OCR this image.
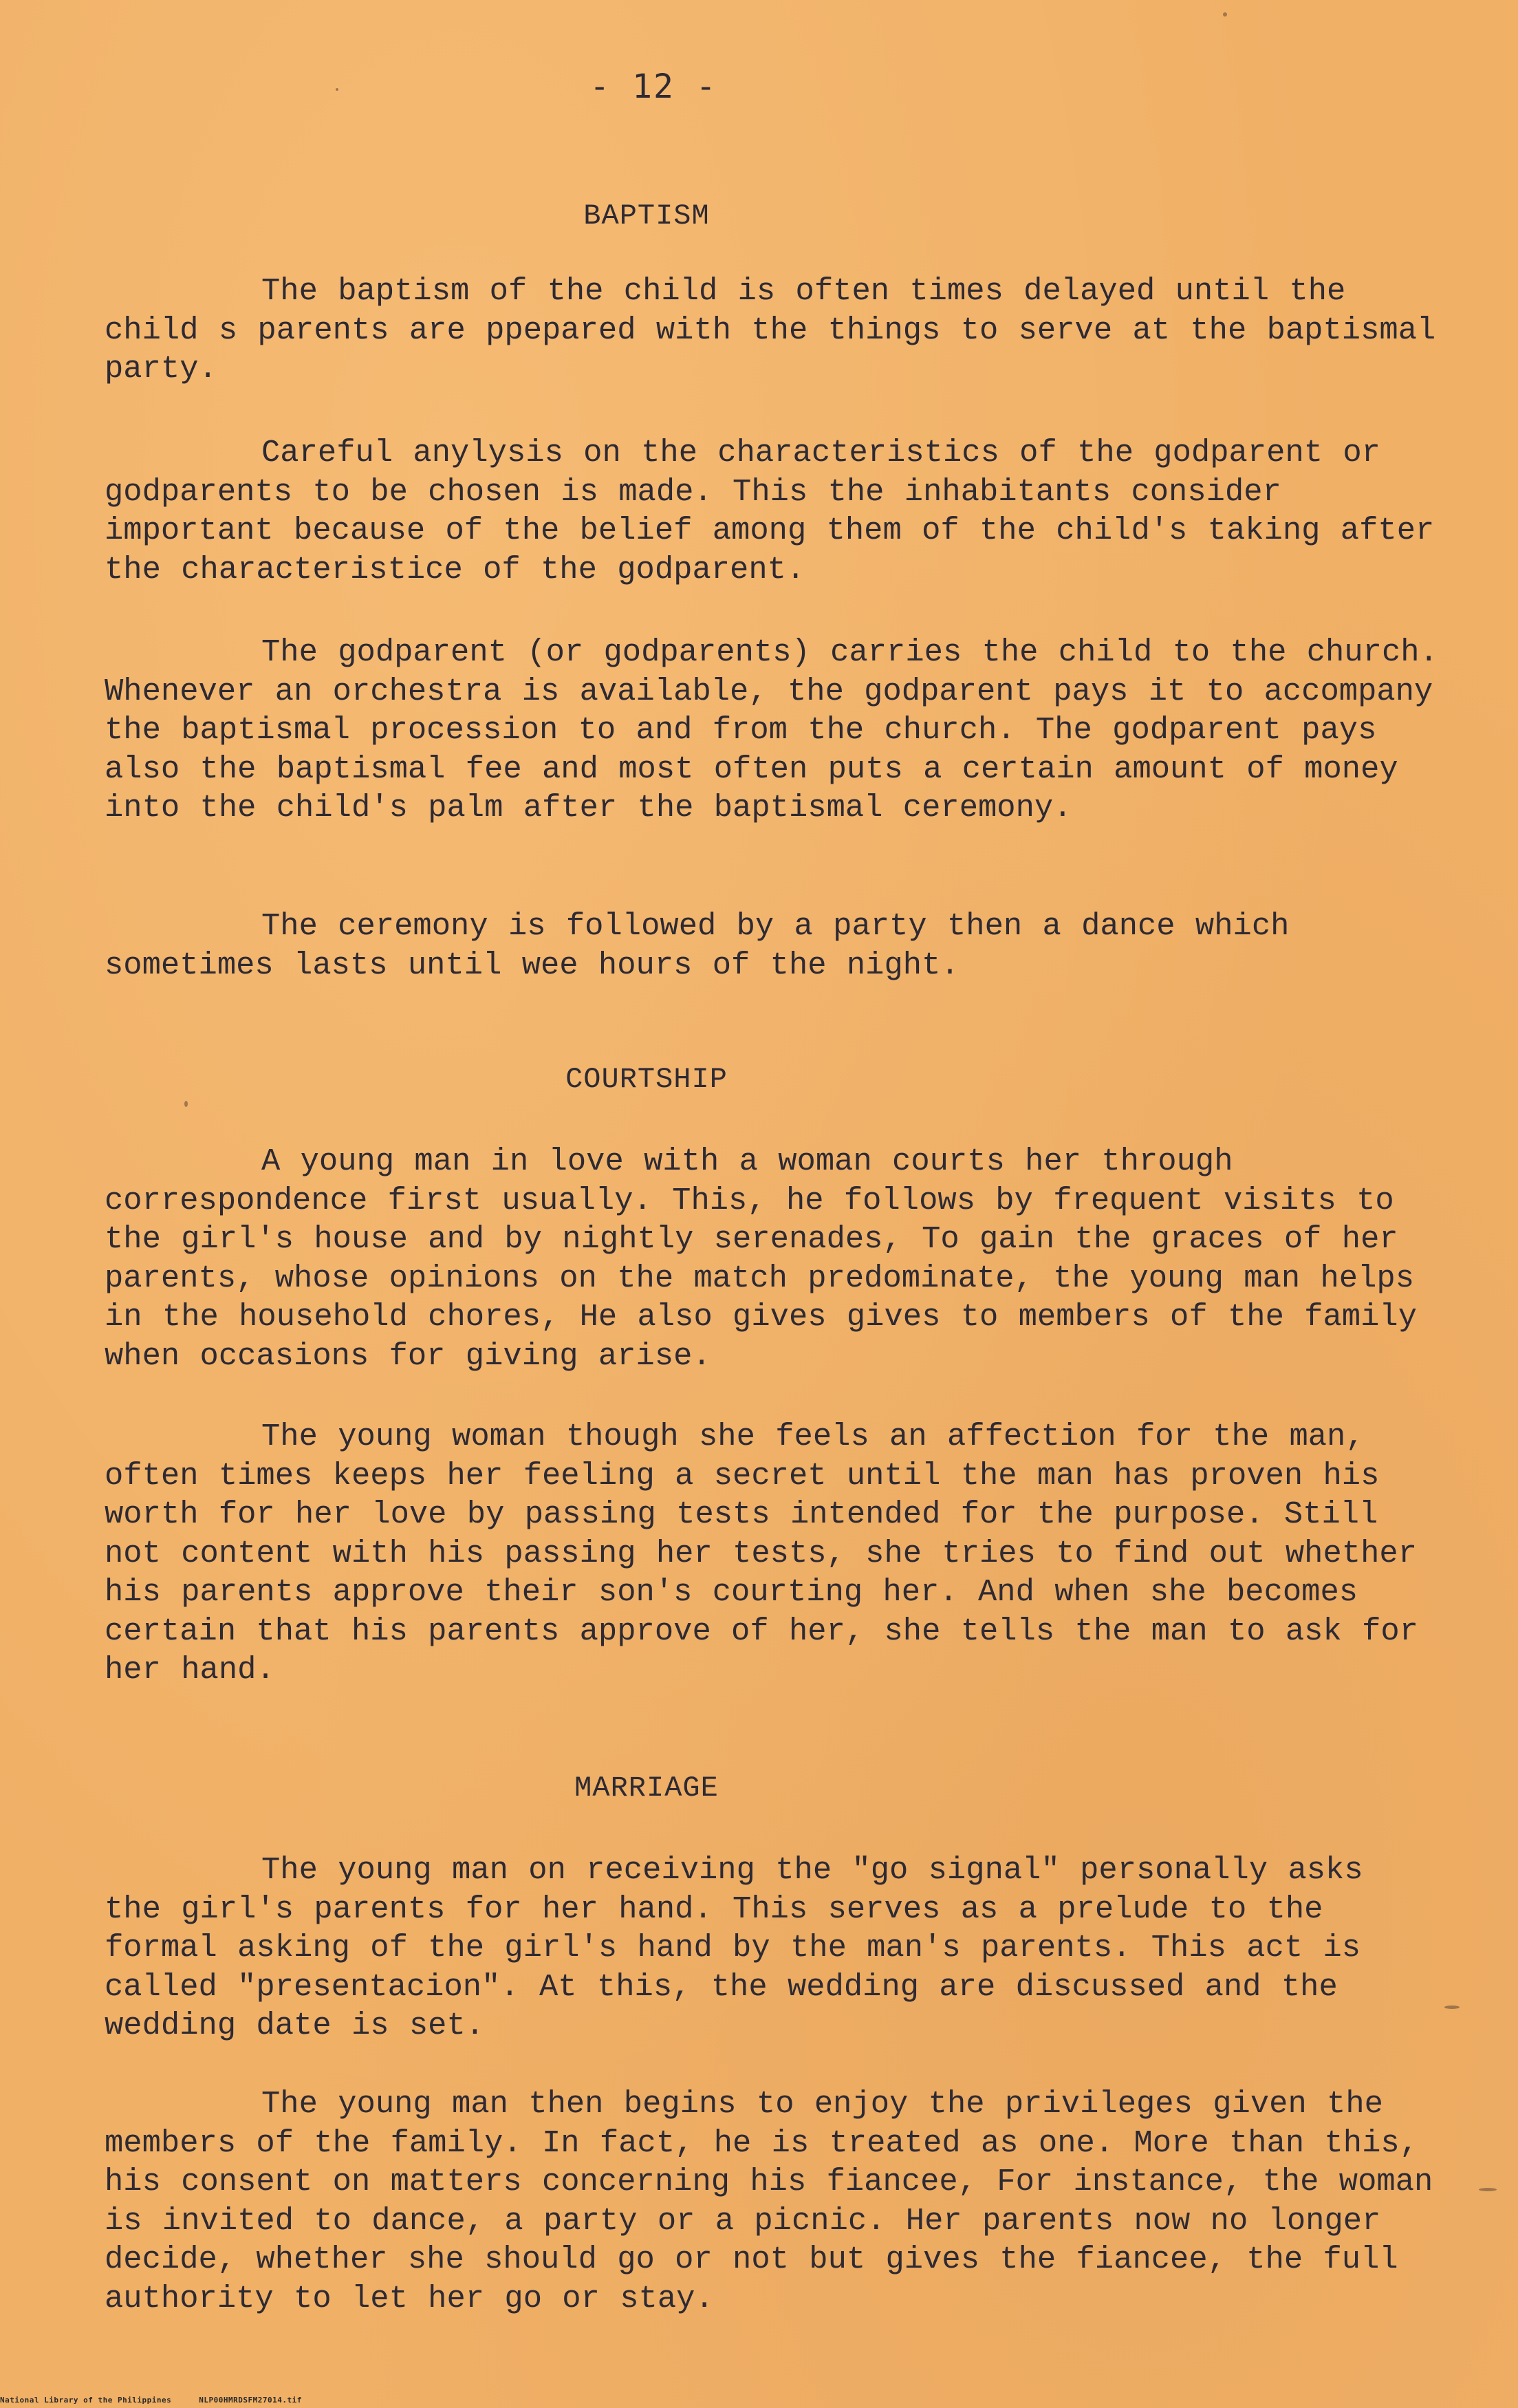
- 12 -
BAPTISM

The baptism of the child is often times delayed until the child s parents are ppepared with the things to serve at the baptismal party.

Careful anylysis on the characteristics of the godparent or godparents to be chosen is made. This the inhabitants consider important because of the belief among them of the child's taking after the characteristice of the godparent.

The godparent (or godparents) carries the child to the church. Whenever an orchestra is available, the godparent pays it to accompany the baptismal procession to and from the church. The godparent pays also the baptismal fee and most often puts a certain amount of money into the child's palm after the baptismal ceremony.

The ceremony is followed by a party then a dance which sometimes lasts until wee hours of the night.

COURTSHIP

A young man in love with a woman courts her through correspondence first usually. This, he follows by frequent visits to the girl's house and by nightly serenades, To gain the graces of her parents, whose opinions on the match predominate, the young man helps in the household chores, He also gives gives to members of the family when occasions for giving arise.

The young woman though she feels an affection for the man, often times keeps her feeling a secret until the man has proven his worth for her love by passing tests intended for the purpose. Still not content with his passing her tests, she tries to find out whether his parents approve their son's courting her. And when she becomes certain that his parents approve of her, she tells the man to ask for her hand.

MARRIAGE

The young man on receiving the "go signal" personally asks the girl's parents for her hand. This serves as a prelude to the formal asking of the girl's hand by the man's parents. This act is called "presentacion". At this, the wedding are discussed and the wedding date is set.

The young man then begins to enjoy the privileges given the members of the family. In fact, he is treated as one. More than this, his consent on matters concerning his fiancee, For instance, the woman is invited to dance, a party or a picnic. Her parents now no longer decide, whether she should go or not but gives the fiancee, the full authority to let her go or stay.

National Library of the Philippines	NLP00HMRDSFM27014.tif
